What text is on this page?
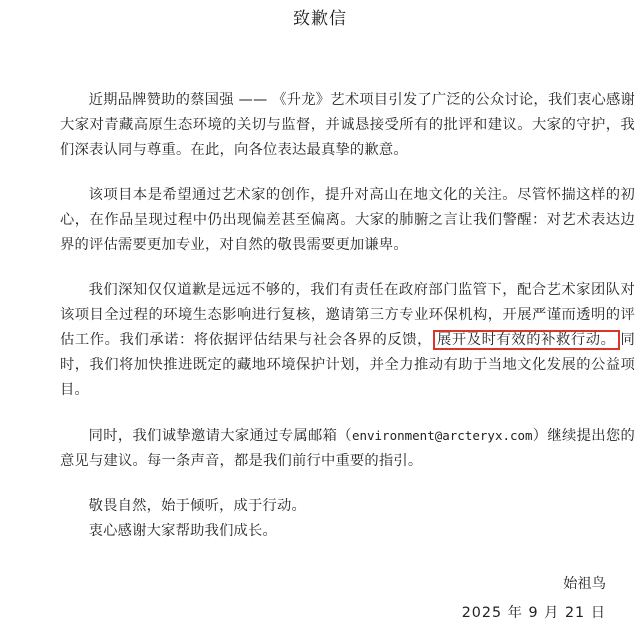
致歉信

近期品牌赞助的蔡国强 —— 《升龙》艺术项目引发了广泛的公众讨论，我们衷心感谢大家对青藏高原生态环境的关切与监督，并诚恳接受所有的批评和建议。大家的守护，我们深表认同与尊重。在此，向各位表达最真挚的歉意。

该项目本是希望通过艺术家的创作，提升对高山在地文化的关注。尽管怀揣这样的初心，在作品呈现过程中仍出现偏差甚至偏离。大家的肺腑之言让我们警醒：对艺术表达边界的评估需要更加专业，对自然的敬畏需要更加谦卑。

我们深知仅仅道歉是远远不够的，我们有责任在政府部门监管下，配合艺术家团队对该项目全过程的环境生态影响进行复核，邀请第三方专业环保机构，开展严谨而透明的评估工作。我们承诺：将依据评估结果与社会各界的反馈， 展开及时有效的补救行动。 同时，我们将加快推进既定的藏地环境保护计划，并全力推动有助于当地文化发展的公益项目。

同时，我们诚挚邀请大家通过专属邮箱（environment@arcteryx.com）继续提出您的意见与建议。每一条声音，都是我们前行中重要的指引。

敬畏自然，始于倾听，成于行动。

衷心感谢大家帮助我们成长。

始祖鸟
2025 年 9 月 21 日
